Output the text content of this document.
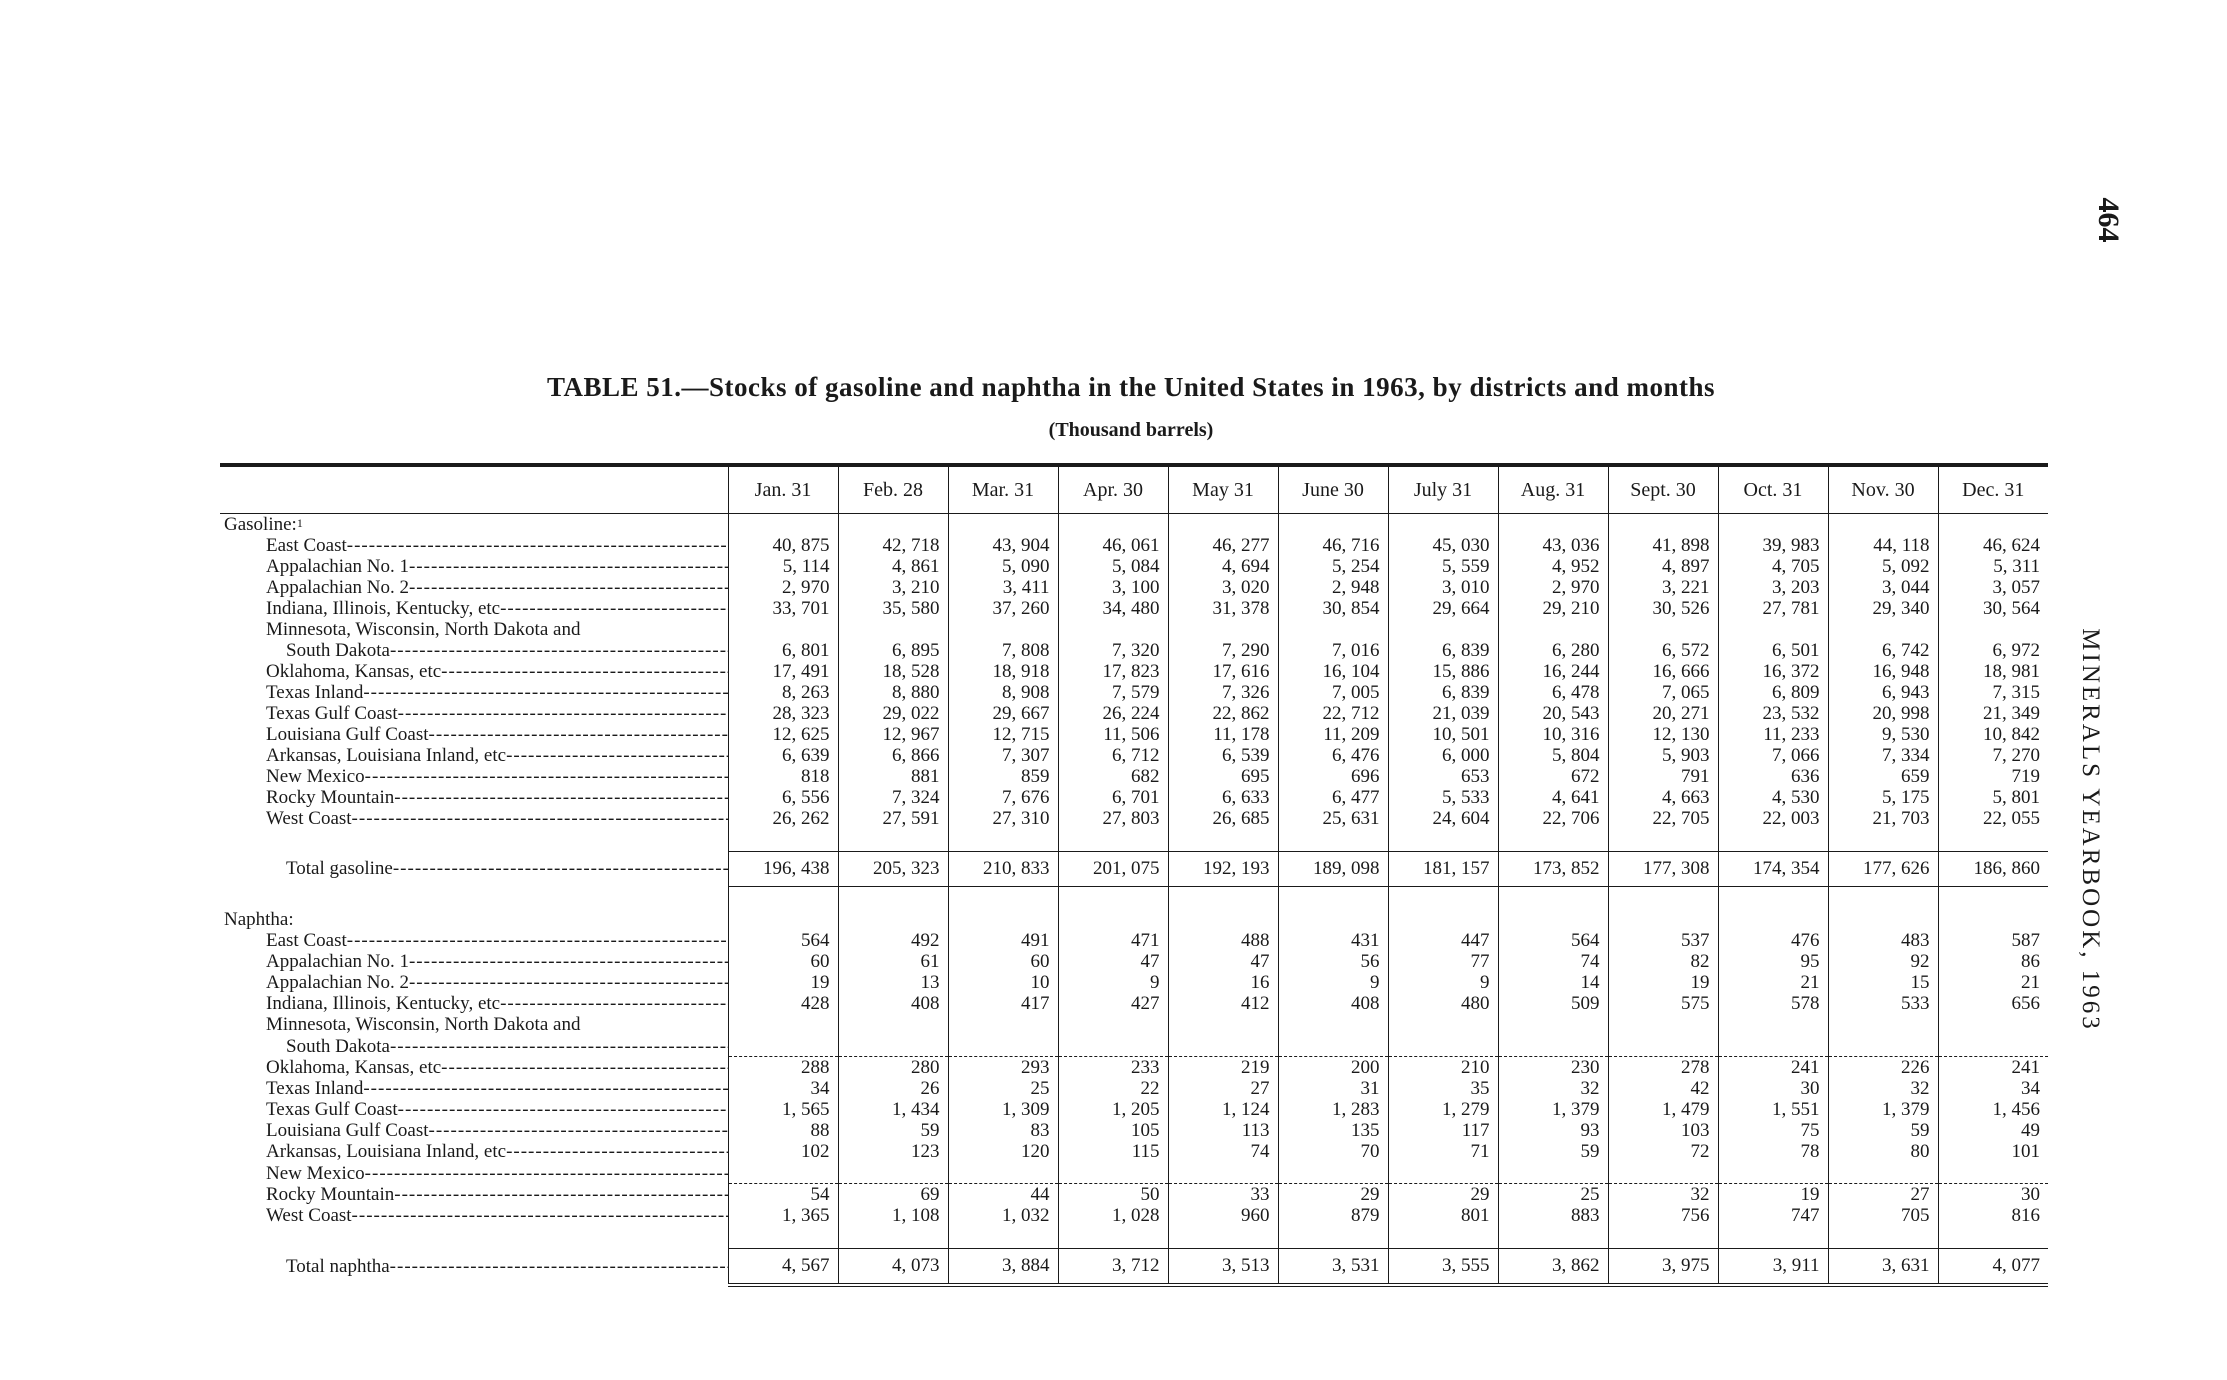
464
MINERALS YEARBOOK, 1963
TABLE 51.—Stocks of gasoline and naphtha in the United States in 1963, by districts and months
(Thousand barrels)

	Jan. 31	Feb. 28	Mar. 31	Apr. 30	May 31	June 30	July 31	Aug. 31	Sept. 30	Oct. 31	Nov. 30	Dec. 31

Gasoline:$^1$

East Coast -----	40, 875	42, 718	43, 904	46, 061	46, 277	46, 716	45, 030	43, 036	41, 898	39, 983	44, 118	46, 624

Appalachian No. 1 -----	5, 114	4, 861	5, 090	5, 084	4, 694	5, 254	5, 559	4, 952	4, 897	4, 705	5, 092	5, 311

Appalachian No. 2 -----	2, 970	3, 210	3, 411	3, 100	3, 020	2, 948	3, 010	2, 970	3, 221	3, 203	3, 044	3, 057

Indiana, Illinois, Kentucky, etc -----	33, 701	35, 580	37, 260	34, 480	31, 378	30, 854	29, 664	29, 210	30, 526	27, 781	29, 340	30, 564

Minnesota, Wisconsin, North Dakota and												

South Dakota -----	6, 801	6, 895	7, 808	7, 320	7, 290	7, 016	6, 839	6, 280	6, 572	6, 501	6, 742	6, 972

Oklahoma, Kansas, etc -----	17, 491	18, 528	18, 918	17, 823	17, 616	16, 104	15, 886	16, 244	16, 666	16, 372	16, 948	18, 981

Texas Inland -----	8, 263	8, 880	8, 908	7, 579	7, 326	7, 005	6, 839	6, 478	7, 065	6, 809	6, 943	7, 315

Texas Gulf Coast -----	28, 323	29, 022	29, 667	26, 224	22, 862	22, 712	21, 039	20, 543	20, 271	23, 532	20, 998	21, 349

Louisiana Gulf Coast -----	12, 625	12, 967	12, 715	11, 506	11, 178	11, 209	10, 501	10, 316	12, 130	11, 233	9, 530	10, 842

Arkansas, Louisiana Inland, etc -----	6, 639	6, 866	7, 307	6, 712	6, 539	6, 476	6, 000	5, 804	5, 903	7, 066	7, 334	7, 270

New Mexico -----	818	881	859	682	695	696	653	672	791	636	659	719

Rocky Mountain -----	6, 556	7, 324	7, 676	6, 701	6, 633	6, 477	5, 533	4, 641	4, 663	4, 530	5, 175	5, 801

West Coast -----	26, 262	27, 591	27, 310	27, 803	26, 685	25, 631	24, 604	22, 706	22, 705	22, 003	21, 703	22, 055

Total gasoline -----	196, 438	205, 323	210, 833	201, 075	192, 193	189, 098	181, 157	173, 852	177, 308	174, 354	177, 626	186, 860

Naphtha:												

East Coast -----	564	492	491	471	488	431	447	564	537	476	483	587

Appalachian No. 1 -----	60	61	60	47	47	56	77	74	82	95	92	86

Appalachian No. 2 -----	19	13	10	9	16	9	9	14	19	21	15	21

Indiana, Illinois, Kentucky, etc -----	428	408	417	427	412	408	480	509	575	578	533	656

Minnesota, Wisconsin, North Dakota and												

South Dakota -----

Oklahoma, Kansas, etc -----	288	280	293	233	219	200	210	230	278	241	226	241

Texas Inland -----	34	26	25	22	27	31	35	32	42	30	32	34

Texas Gulf Coast -----	1, 565	1, 434	1, 309	1, 205	1, 124	1, 283	1, 279	1, 379	1, 479	1, 551	1, 379	1, 456

Louisiana Gulf Coast -----	88	59	83	105	113	135	117	93	103	75	59	49

Arkansas, Louisiana Inland, etc -----	102	123	120	115	74	70	71	59	72	78	80	101

New Mexico -----

Rocky Mountain -----	54	69	44	50	33	29	29	25	32	19	27	30

West Coast -----	1, 365	1, 108	1, 032	1, 028	960	879	801	883	756	747	705	816

Total naphtha -----	4, 567	4, 073	3, 884	3, 712	3, 513	3, 531	3, 555	3, 862	3, 975	3, 911	3, 631	4, 077
